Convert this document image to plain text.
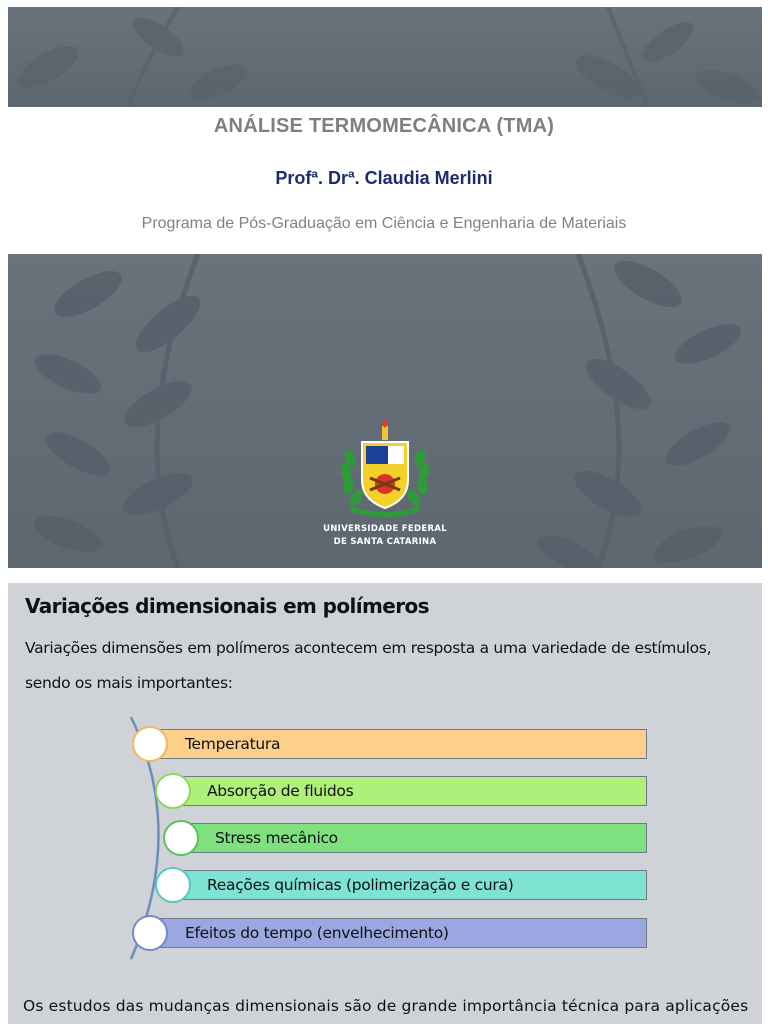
ANÁLISE TERMOMECÂNICA (TMA)
Profª. Drª. Claudia Merlini
Programa de Pós-Graduação em Ciência e Engenharia de Materiais
UNIVERSIDADE FEDERAL
DE SANTA CATARINA
Variações dimensionais em polímeros
Variações dimensões em polímeros acontecem em resposta a uma variedade de estímulos,
sendo os mais importantes:
Temperatura
Absorção de fluidos
Stress mecânico
Reações químicas (polimerização e cura)
Efeitos do tempo (envelhecimento)
Os estudos das mudanças dimensionais são de grande importância técnica para aplicações
